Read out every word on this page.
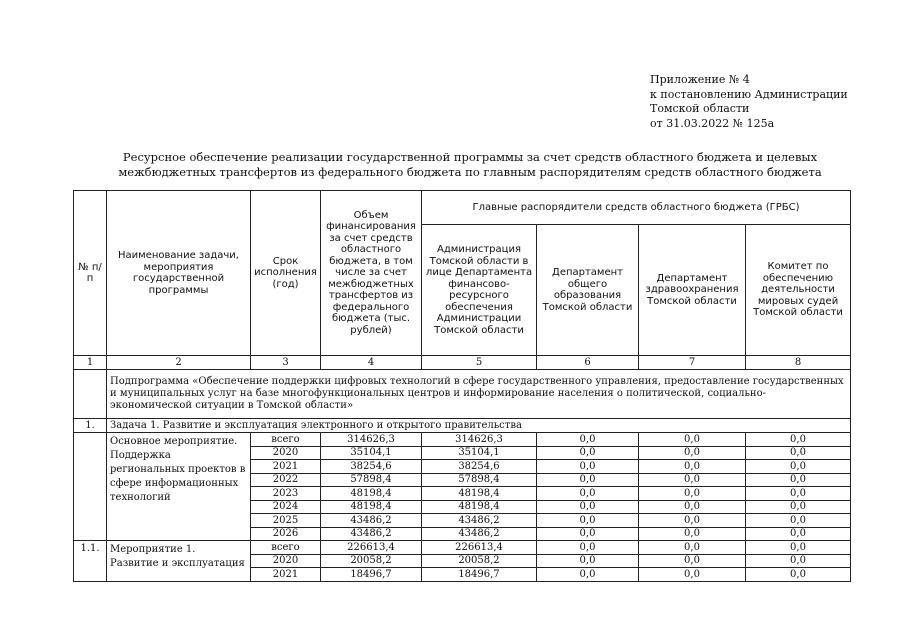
Приложение № 4
к постановлению Администрации
Томской области
от 31.03.2022 № 125а
Ресурсное обеспечение реализации государственной программы за счет средств областного бюджета и целевых
межбюджетных трансфертов из федерального бюджета по главным распорядителям средств областного бюджета
№ п/п	Наименование задачи, мероприятия государственной программы	Срок исполнения (год)	Объем финансирования за счет средств областного бюджета, в том числе за счет межбюджетных трансфертов из федерального бюджета (тыс. рублей)	Главные распорядители средств областного бюджета (ГРБС)			
				Администрация Томской области в лице Департамента финансово-ресурсного обеспечения Администрации Томской области	Департамент общего образования Томской области	Департамент здравоохранения Томской области	Комитет по обеспечению деятельности мировых судей Томской области
1	2	3	4	5	6	7	8
	Подпрограмма «Обеспечение поддержки цифровых технологий в сфере государственного управления, предоставление государственных и муниципальных услуг на базе многофункциональных центров и информирование населения о политической, социально-экономической ситуации в Томской области»						
1.	Задача 1. Развитие и эксплуатация электронного и открытого правительства						
	Основное мероприятие. Поддержка региональных проектов в сфере информационных технологий	всего	314626,3	314626,3	0,0	0,0	0,0
		2020	35104,1	35104,1	0,0	0,0	0,0
		2021	38254,6	38254,6	0,0	0,0	0,0
		2022	57898,4	57898,4	0,0	0,0	0,0
		2023	48198,4	48198,4	0,0	0,0	0,0
		2024	48198,4	48198,4	0,0	0,0	0,0
		2025	43486,2	43486,2	0,0	0,0	0,0
		2026	43486,2	43486,2	0,0	0,0	0,0
1.1.	Мероприятие 1. Развитие и эксплуатация	всего	226613,4	226613,4	0,0	0,0	0,0
		2020	20058,2	20058,2	0,0	0,0	0,0
		2021	18496,7	18496,7	0,0	0,0	0,0
